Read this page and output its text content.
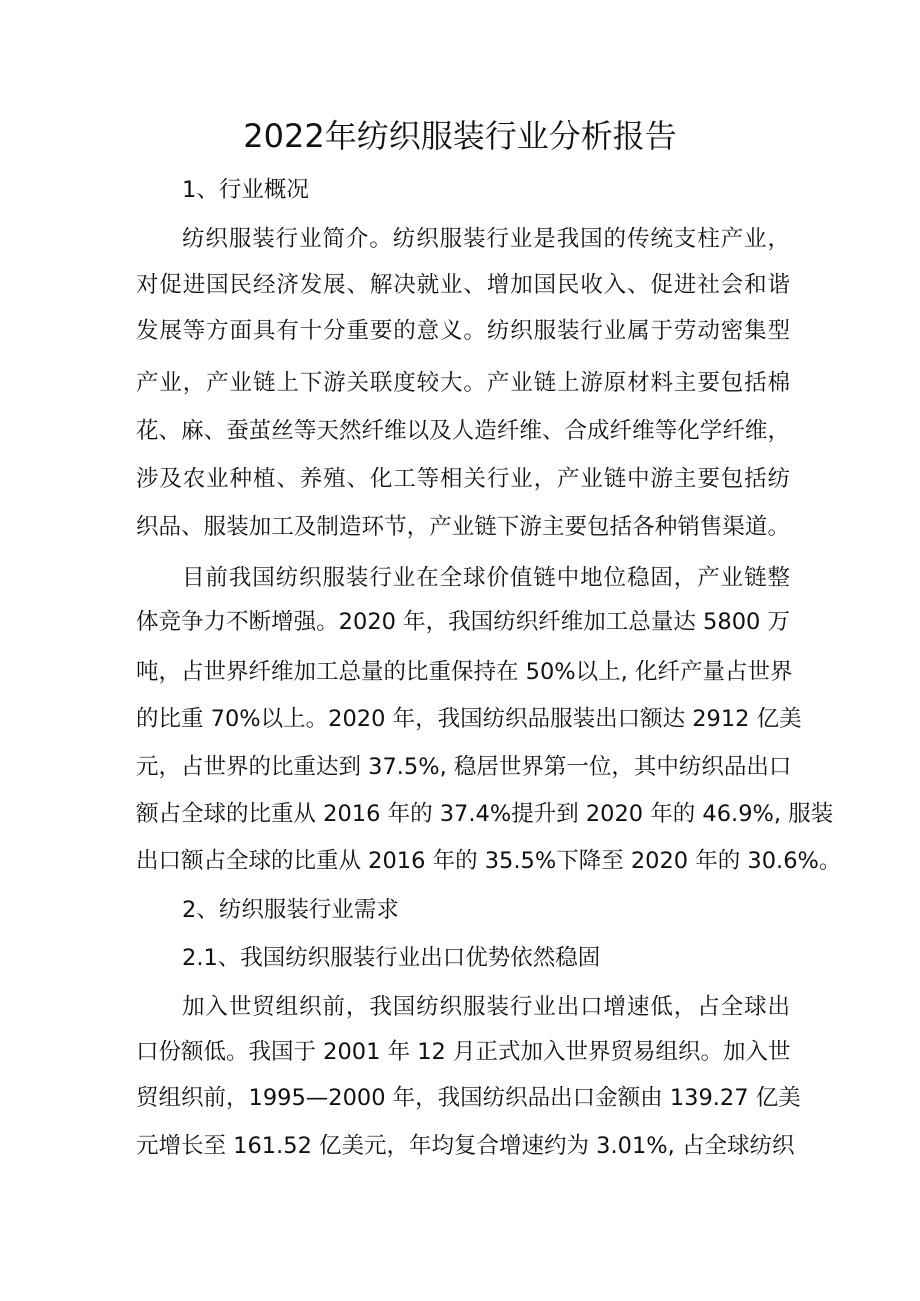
2022年纺织服装行业分析报告
1、行业概况
纺织服装行业简介。纺织服装行业是我国的传统支柱产业，
对促进国民经济发展、解决就业、增加国民收入、促进社会和谐
发展等方面具有十分重要的意义。纺织服装行业属于劳动密集型
产业，产业链上下游关联度较大。产业链上游原材料主要包括棉
花、麻、蚕茧丝等天然纤维以及人造纤维、合成纤维等化学纤维，
涉及农业种植、养殖、化工等相关行业，产业链中游主要包括纺
织品、服装加工及制造环节，产业链下游主要包括各种销售渠道。
目前我国纺织服装行业在全球价值链中地位稳固，产业链整
体竞争力不断增强。2020 年，我国纺织纤维加工总量达 5800 万
吨，占世界纤维加工总量的比重保持在 50%以上, 化纤产量占世界
的比重 70%以上。2020 年，我国纺织品服装出口额达 2912 亿美
元，占世界的比重达到 37.5%, 稳居世界第一位，其中纺织品出口
额占全球的比重从 2016 年的 37.4%提升到 2020 年的 46.9%, 服装
出口额占全球的比重从 2016 年的 35.5%下降至 2020 年的 30.6%。
2、纺织服装行业需求
2.1、我国纺织服装行业出口优势依然稳固
加入世贸组织前，我国纺织服装行业出口增速低，占全球出
口份额低。我国于 2001 年 12 月正式加入世界贸易组织。加入世
贸组织前，1995—2000 年，我国纺织品出口金额由 139.27 亿美
元增长至 161.52 亿美元，年均复合增速约为 3.01%, 占全球纺织
